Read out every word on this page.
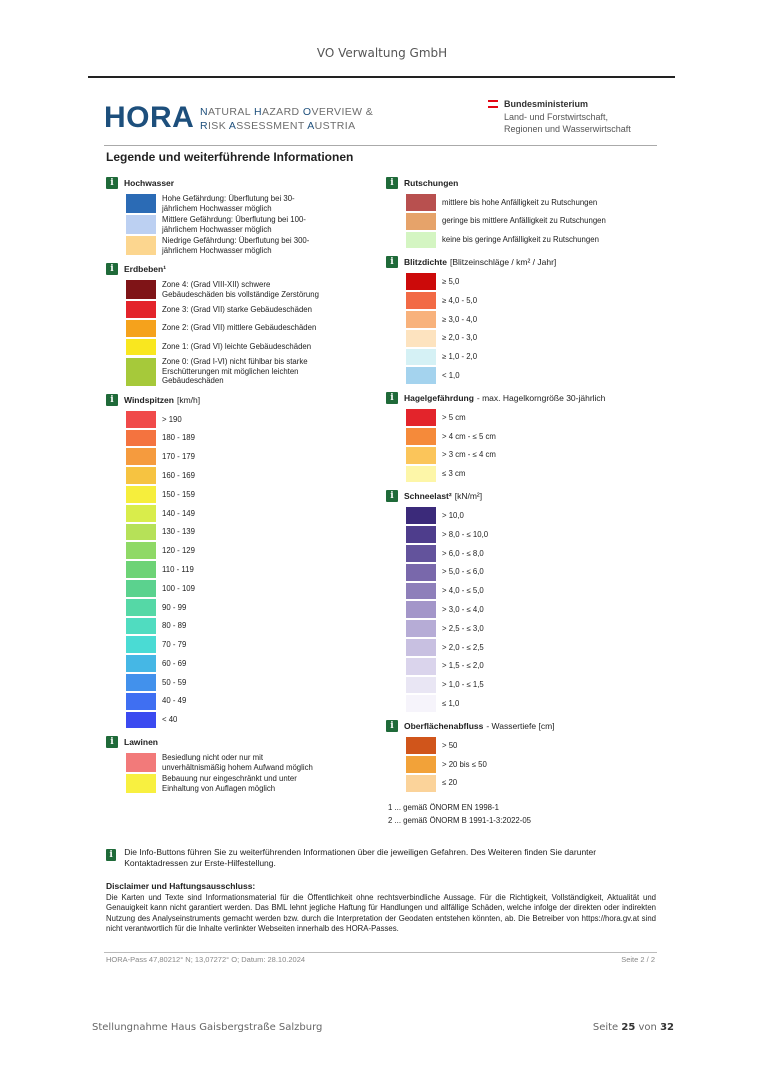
VO Verwaltung GmbH
HORA NATURAL HAZARD OVERVIEW &
RISK ASSESSMENT AUSTRIA
Bundesministerium
Land- und Forstwirtschaft,
Regionen und Wasserwirtschaft
Legende und weiterführende Informationen
i	Hochwasser
Hohe Gefährdung: Überflutung bei 30-jährlichem Hochwasser möglich
Mittlere Gefährdung: Überflutung bei 100-jährlichem Hochwasser möglich
Niedrige Gefährdung: Überflutung bei 300-jährlichem Hochwasser möglich
i	Erdbeben¹
Zone 4: (Grad VIII-XII) schwere Gebäudeschäden bis vollständige Zerstörung
Zone 3: (Grad VII) starke Gebäudeschäden
Zone 2: (Grad VII) mittlere Gebäudeschäden
Zone 1: (Grad VI) leichte Gebäudeschäden
Zone 0: (Grad I-VI) nicht fühlbar bis starke Erschütterungen mit möglichen leichten Gebäudeschäden
i	Windspitzen [km/h]
> 190
180 - 189
170 - 179
160 - 169
150 - 159
140 - 149
130 - 139
120 - 129
110 - 119
100 - 109
90 - 99
80 - 89
70 - 79
60 - 69
50 - 59
40 - 49
< 40
i	Lawinen
Besiedlung nicht oder nur mit unverhältnismäßig hohem Aufwand möglich
Bebauung nur eingeschränkt und unter Einhaltung von Auflagen möglich
i	Rutschungen
mittlere bis hohe Anfälligkeit zu Rutschungen
geringe bis mittlere Anfälligkeit zu Rutschungen
keine bis geringe Anfälligkeit zu Rutschungen
i	Blitzdichte [Blitzeinschläge / km² / Jahr]
≥ 5,0
≥ 4,0 - 5,0
≥ 3,0 - 4,0
≥ 2,0 - 3,0
≥ 1,0 - 2,0
< 1,0
i	Hagelgefährdung - max. Hagelkorngröße 30-jährlich
> 5 cm
> 4 cm - ≤ 5 cm
> 3 cm - ≤ 4 cm
≤ 3 cm
i	Schneelast² [kN/m²]
> 10,0
> 8,0 - ≤ 10,0
> 6,0 - ≤ 8,0
> 5,0 - ≤ 6,0
> 4,0 - ≤ 5,0
> 3,0 - ≤ 4,0
> 2,5 - ≤ 3,0
> 2,0 - ≤ 2,5
> 1,5 - ≤ 2,0
> 1,0 - ≤ 1,5
≤ 1,0
i	Oberflächenabfluss - Wassertiefe [cm]
> 50
> 20 bis ≤ 50
≤ 20
1 ... gemäß ÖNORM EN 1998-1
2 ... gemäß ÖNORM B 1991-1-3:2022-05
i	Die Info-Buttons führen Sie zu weiterführenden Informationen über die jeweiligen Gefahren. Des Weiteren finden Sie darunter Kontaktadressen zur Erste-Hilfestellung.
Disclaimer und Haftungsausschluss:
Die Karten und Texte sind Informationsmaterial für die Öffentlichkeit ohne rechtsverbindliche Aussage. Für die Richtigkeit, Vollständigkeit, Aktualität und Genauigkeit kann nicht garantiert werden. Das BML lehnt jegliche Haftung für Handlungen und allfällige Schäden, welche infolge der direkten oder indirekten Nutzung des Analyseinstruments gemacht werden bzw. durch die Interpretation der Geodaten entstehen könnten, ab. Die Betreiber von https://hora.gv.at sind nicht verantwortlich für die Inhalte verlinkter Webseiten innerhalb des HORA-Passes.
HORA-Pass 47,80212° N; 13,07272° O; Datum: 28.10.2024	Seite 2 / 2
Stellungnahme Haus Gaisbergstraße Salzburg	Seite 25 von 32
